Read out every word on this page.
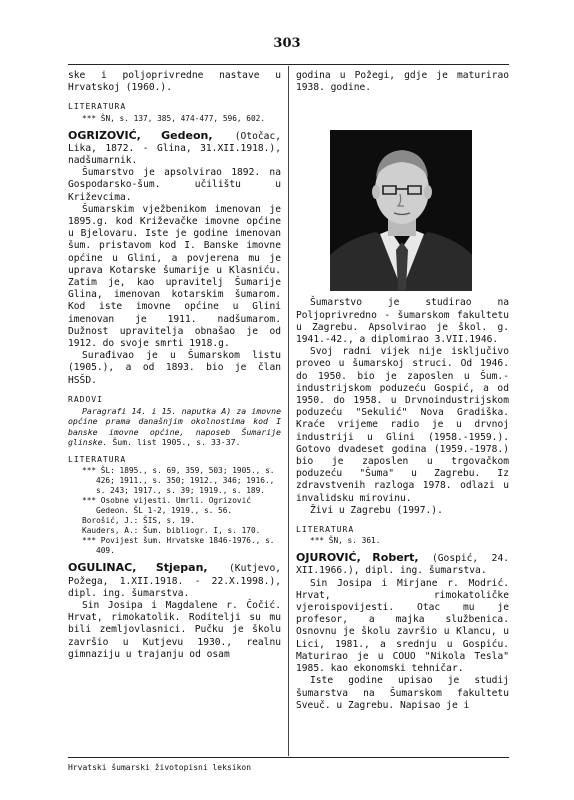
303

ske i poljoprivredne nastave u Hrvatskoj (1960.).

LITERATURA
*** ŠN, s. 137, 385, 474-477, 596, 602.

OGRIZOVIĆ, Gedeon, (Otočac, Lika, 1872. - Glina, 31.XII.1918.), nadšumarnik.

Šumarstvo je apsolvirao 1892. na Gospodarsko-šum. učilištu u Križevcima.

Šumarskim vježbenikom imenovan je 1895.g. kod Križevačke imovne općine u Bjelovaru. Iste je godine imenovan šum. pristavom kod I. Banske imovne općine u Glini, a povjerena mu je uprava Kotarske šumarije u Klasniću. Zatim je, kao upravitelj Šumarije Glina, imenovan kotarskim šumarom. Kod iste imovne općine u Glini imenovan je 1911. nadšumarom. Dužnost upravitelja obnašao je od 1912. do svoje smrti 1918.g.

Surađivao je u Šumarskom listu (1905.), a od 1893. bio je član HSŠD.

RADOVI

Paragrafi 14. i 15. naputka A) za imovne općine prama današnjim okolnostima kod I banske imovne općine, naposeb Šumarije glinske. Šum. list 1905., s. 33-37.

LITERATURA
*** ŠL: 1895., s. 69, 359, 503; 1905., s. 426; 1911., s. 350; 1912., 346; 1916., s. 243; 1917., s. 39; 1919., s. 189.
*** Osobne vijesti. Umrli. Ogrizović Gedeon. ŠL 1-2, 1919., s. 56.
Borošić, J.: ŠIS, s. 19.
Kauders, A.: Šum. bibliogr. I, s. 170.
*** Povijest šum. Hrvatske 1846-1976., s. 409.

OGULINAC, Stjepan, (Kutjevo, Požega, 1.XII.1918. - 22.X.1998.), dipl. ing. šumarstva.

Sin Josipa i Magdalene r. Čočić. Hrvat, rimokatolik. Roditelji su mu bili zemljovlasnici. Pučku je školu završio u Kutjevu 1930., realnu gimnaziju u trajanju od osam

godina u Požegi, gdje je maturirao 1938. godine.

Šumarstvo je studirao na Poljoprivredno - šumarskom fakultetu u Zagrebu. Apsolvirao je škol. g. 1941.-42., a diplomirao 3.VII.1946.

Svoj radni vijek nije isključivo proveo u šumarskoj struci. Od 1946. do 1950. bio je zaposlen u Šum.-industrijskom poduzeću Gospić, a od 1950. do 1958. u Drvnoindustrijskom poduzeću "Sekulić" Nova Gradiška. Kraće vrijeme radio je u drvnoj industriji u Glini (1958.-1959.). Gotovo dvadeset godina (1959.-1978.) bio je zaposlen u trgovačkom poduzeću "Šuma" u Zagrebu. Iz zdravstvenih razloga 1978. odlazi u invalidsku mirovinu.

Živi u Zagrebu (1997.).

LITERATURA
*** ŠN, s. 361.

OJUROVIĆ, Robert, (Gospić, 24. XII.1966.), dipl. ing. šumarstva.

Sin Josipa i Mirjane r. Modrić. Hrvat, rimokatoličke vjeroispovijesti. Otac mu je profesor, a majka službenica. Osnovnu je školu završio u Klancu, u Lici, 1981., a srednju u Gospiću. Maturirao je u COUO "Nikola Tesla" 1985. kao ekonomski tehničar.

Iste godine upisao je studij šumarstva na Šumarskom fakultetu Sveuč. u Zagrebu. Napisao je i

Hrvatski šumarski životopisni leksikon
